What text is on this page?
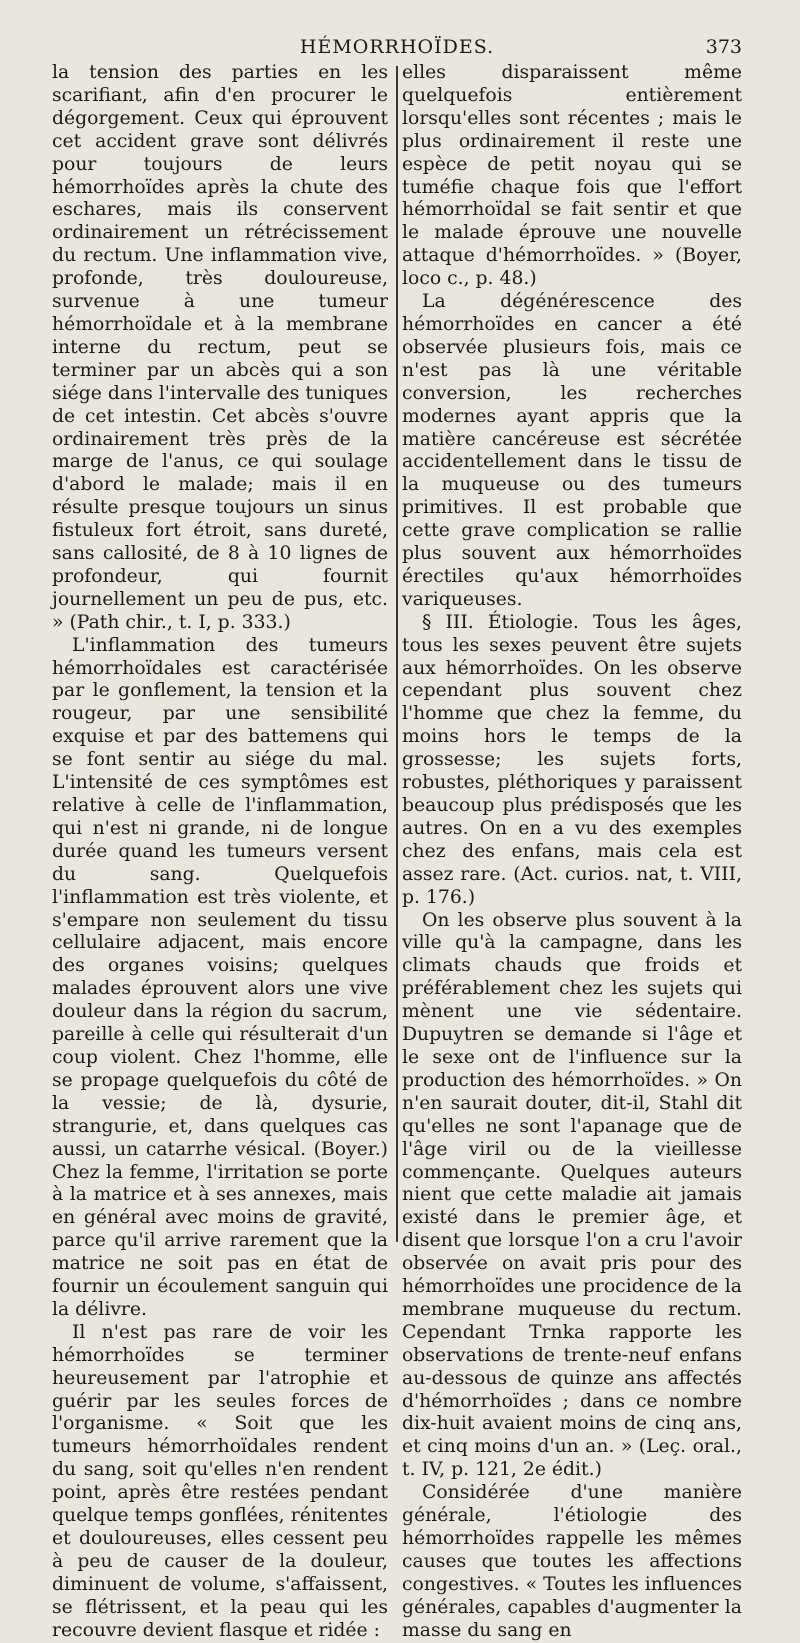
HÉMORRHOÏDES.	373

la tension des parties en les scarifiant, afin d'en procurer le dégorgement. Ceux qui éprouvent cet accident grave sont délivrés pour toujours de leurs hémorrhoïdes après la chute des eschares, mais ils conservent ordinairement un rétrécissement du rectum. Une inflammation vive, profonde, très douloureuse, survenue à une tumeur hémorrhoïdale et à la membrane interne du rectum, peut se terminer par un abcès qui a son siége dans l'intervalle des tuniques de cet intestin. Cet abcès s'ouvre ordinairement très près de la marge de l'anus, ce qui soulage d'abord le malade; mais il en résulte presque toujours un sinus fistuleux fort étroit, sans dureté, sans callosité, de 8 à 10 lignes de profondeur, qui fournit journellement un peu de pus, etc. » (Path chir., t. I, p. 333.)

L'inflammation des tumeurs hémorrhoïdales est caractérisée par le gonflement, la tension et la rougeur, par une sensibilité exquise et par des battemens qui se font sentir au siége du mal. L'intensité de ces symptômes est relative à celle de l'inflammation, qui n'est ni grande, ni de longue durée quand les tumeurs versent du sang. Quelquefois l'inflammation est très violente, et s'empare non seulement du tissu cellulaire adjacent, mais encore des organes voisins; quelques malades éprouvent alors une vive douleur dans la région du sacrum, pareille à celle qui résulterait d'un coup violent. Chez l'homme, elle se propage quelquefois du côté de la vessie; de là, dysurie, strangurie, et, dans quelques cas aussi, un catarrhe vésical. (Boyer.) Chez la femme, l'irritation se porte à la matrice et à ses annexes, mais en général avec moins de gravité, parce qu'il arrive rarement que la matrice ne soit pas en état de fournir un écoulement sanguin qui la délivre.

Il n'est pas rare de voir les hémorrhoïdes se terminer heureusement par l'atrophie et guérir par les seules forces de l'organisme. « Soit que les tumeurs hémorrhoïdales rendent du sang, soit qu'elles n'en rendent point, après être restées pendant quelque temps gonflées, rénitentes et douloureuses, elles cessent peu à peu de causer de la douleur, diminuent de volume, s'affaissent, se flétrissent, et la peau qui les recouvre devient flasque et ridée :

elles disparaissent même quelquefois entièrement lorsqu'elles sont récentes ; mais le plus ordinairement il reste une espèce de petit noyau qui se tuméfie chaque fois que l'effort hémorrhoïdal se fait sentir et que le malade éprouve une nouvelle attaque d'hémorrhoïdes. » (Boyer, loco c., p. 48.)

La dégénérescence des hémorrhoïdes en cancer a été observée plusieurs fois, mais ce n'est pas là une véritable conversion, les recherches modernes ayant appris que la matière cancéreuse est sécrétée accidentellement dans le tissu de la muqueuse ou des tumeurs primitives. Il est probable que cette grave complication se rallie plus souvent aux hémorrhoïdes érectiles qu'aux hémorrhoïdes variqueuses.

§ III. Étiologie. Tous les âges, tous les sexes peuvent être sujets aux hémorrhoïdes. On les observe cependant plus souvent chez l'homme que chez la femme, du moins hors le temps de la grossesse; les sujets forts, robustes, pléthoriques y paraissent beaucoup plus prédisposés que les autres. On en a vu des exemples chez des enfans, mais cela est assez rare. (Act. curios. nat, t. VIII, p. 176.)

On les observe plus souvent à la ville qu'à la campagne, dans les climats chauds que froids et préférablement chez les sujets qui mènent une vie sédentaire. Dupuytren se demande si l'âge et le sexe ont de l'influence sur la production des hémorrhoïdes. » On n'en saurait douter, dit-il, Stahl dit qu'elles ne sont l'apanage que de l'âge viril ou de la vieillesse commençante. Quelques auteurs nient que cette maladie ait jamais existé dans le premier âge, et disent que lorsque l'on a cru l'avoir observée on avait pris pour des hémorrhoïdes une procidence de la membrane muqueuse du rectum. Cependant Trnka rapporte les observations de trente-neuf enfans au-dessous de quinze ans affectés d'hémorrhoïdes ; dans ce nombre dix-huit avaient moins de cinq ans, et cinq moins d'un an. » (Leç. oral., t. IV, p. 121, 2e édit.)

Considérée d'une manière générale, l'étiologie des hémorrhoïdes rappelle les mêmes causes que toutes les affections congestives. « Toutes les influences générales, capables d'augmenter la masse du sang en
